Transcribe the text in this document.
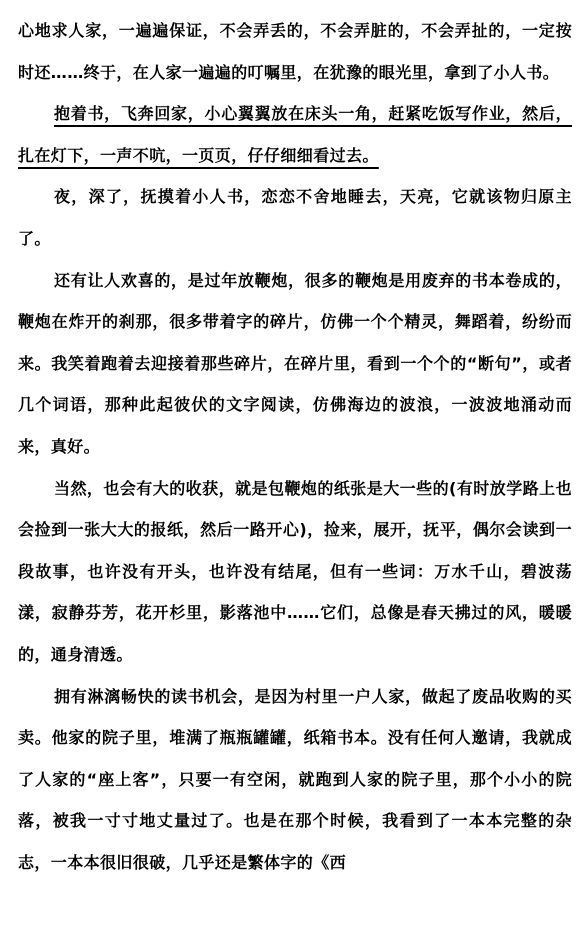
心地求人家，一遍遍保证，不会弄丢的，不会弄脏的，不会弄扯的，一定按时还……终于，在人家一遍遍的叮嘱里，在犹豫的眼光里，拿到了小人书。

抱着书，飞奔回家，小心翼翼放在床头一角，赶紧吃饭写作业，然后，扎在灯下，一声不吭，一页页，仔仔细细看过去。

夜，深了，抚摸着小人书，恋恋不舍地睡去，天亮，它就该物归原主了。

还有让人欢喜的，是过年放鞭炮，很多的鞭炮是用废弃的书本卷成的，鞭炮在炸开的刹那，很多带着字的碎片，仿佛一个个精灵，舞蹈着，纷纷而来。我笑着跑着去迎接着那些碎片，在碎片里，看到一个个的“断句”，或者几个词语，那种此起彼伏的文字阅读，仿佛海边的波浪，一波波地涌动而来，真好。

当然，也会有大的收获，就是包鞭炮的纸张是大一些的(有时放学路上也会捡到一张大大的报纸，然后一路开心)，捡来，展开，抚平，偶尔会读到一段故事，也许没有开头，也许没有结尾，但有一些词：万水千山，碧波荡漾，寂静芬芳，花开杉里，影落池中……它们，总像是春天拂过的风，暖暖的，通身清透。

拥有淋漓畅快的读书机会，是因为村里一户人家，做起了废品收购的买卖。他家的院子里，堆满了瓶瓶罐罐，纸箱书本。没有任何人邀请，我就成了人家的“座上客”，只要一有空闲，就跑到人家的院子里，那个小小的院落，被我一寸寸地丈量过了。也是在那个时候，我看到了一本本完整的杂志，一本本很旧很破，几乎还是繁体字的《西
